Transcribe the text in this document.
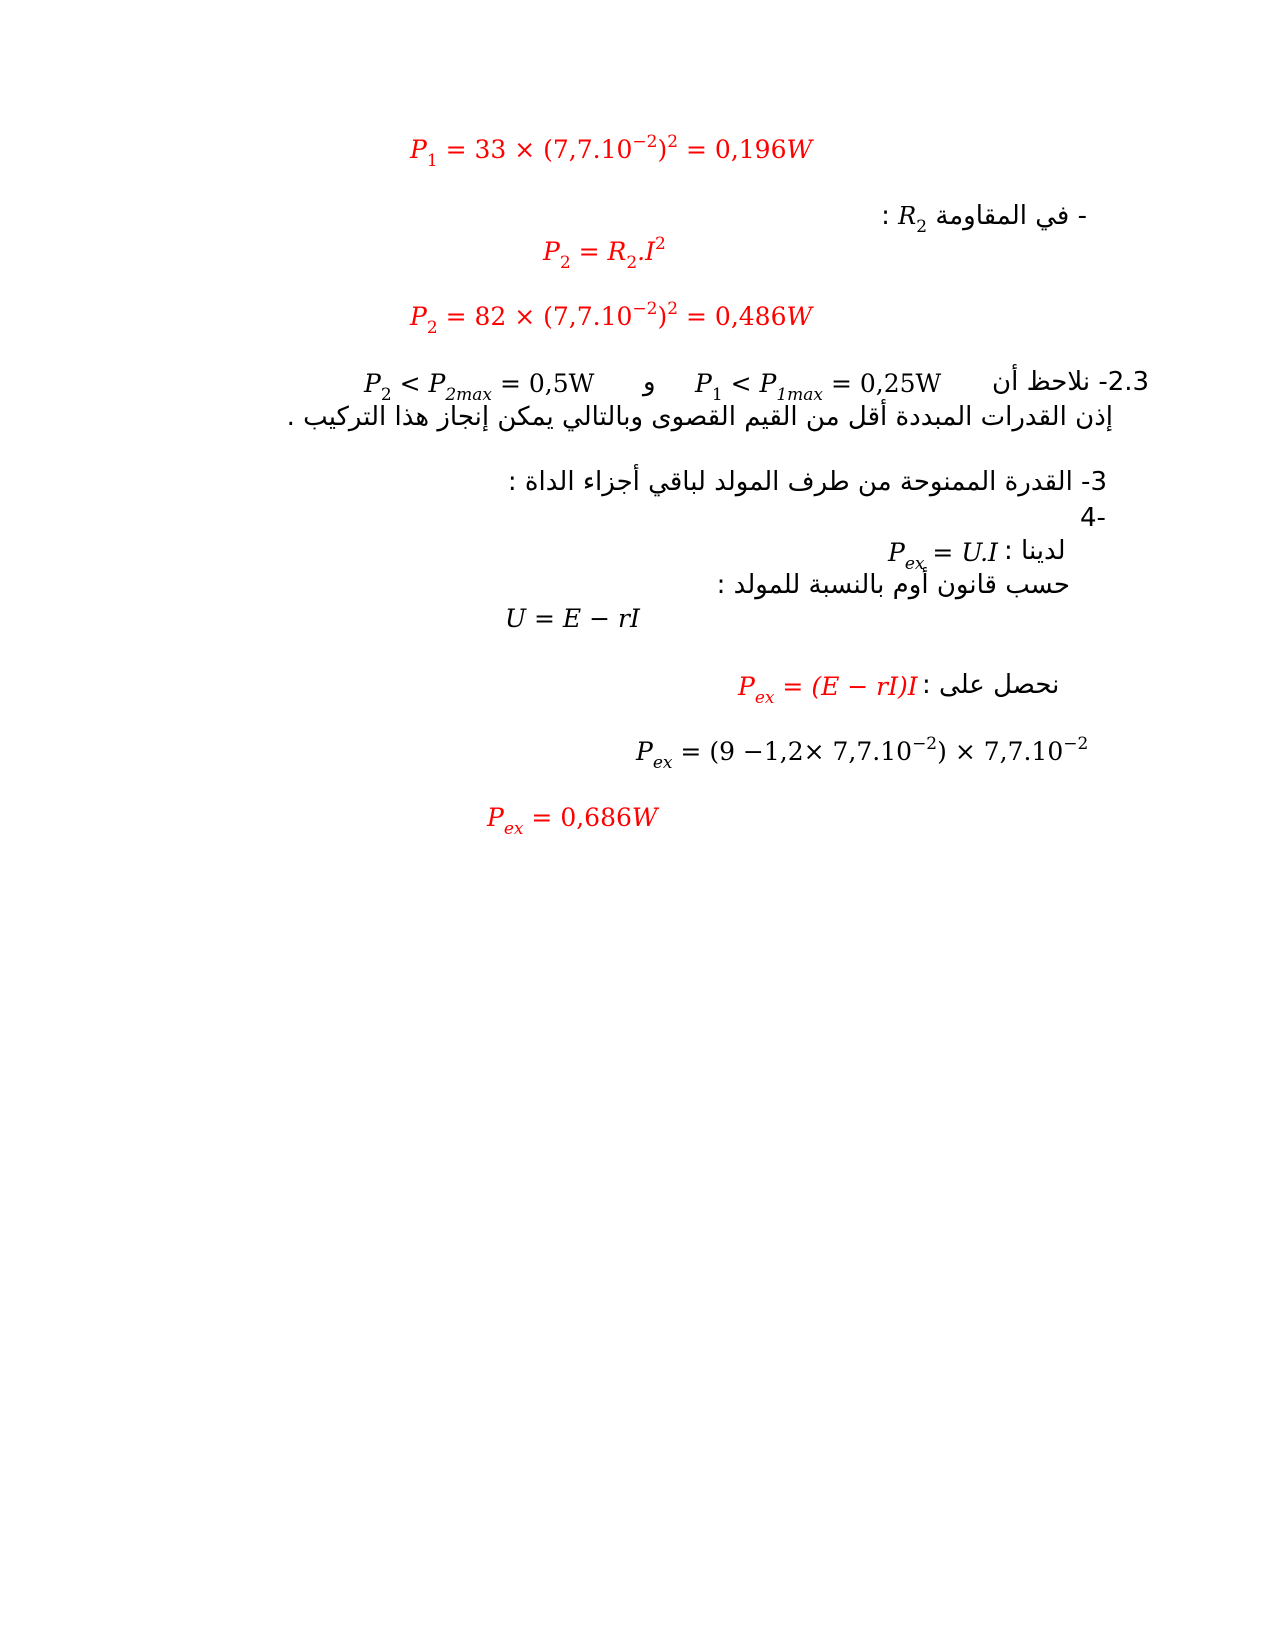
$P_1 = 33 \times (7,7.10^{-2})^2 = 0,196W$
- في المقاومة $R_2$ :
$P_2 = R_2.I^2$
$P_2 = 82 \times (7,7.10^{-2})^2 = 0,486W$
2.3- نلاحظ أن
$P_1 < P_{1max} = 0,25W$
و
$P_2 < P_{2max} = 0,5W$
إذن القدرات المبددة أقل من القيم القصوى وبالتالي يمكن إنجاز هذا التركيب .
3- القدرة الممنوحة من طرف المولد لباقي أجزاء الداة :
4-
لدينا :
$P_{ex} = U.I$
حسب قانون أوم بالنسبة للمولد :
U = E − rI
نحصل على :
$P_{ex} = (E - rI)I$
$P_{ex} = (9 -1,2\times 7,7.10^{-2}) \times 7,7.10^{-2}$
$P_{ex} = 0,686W$
